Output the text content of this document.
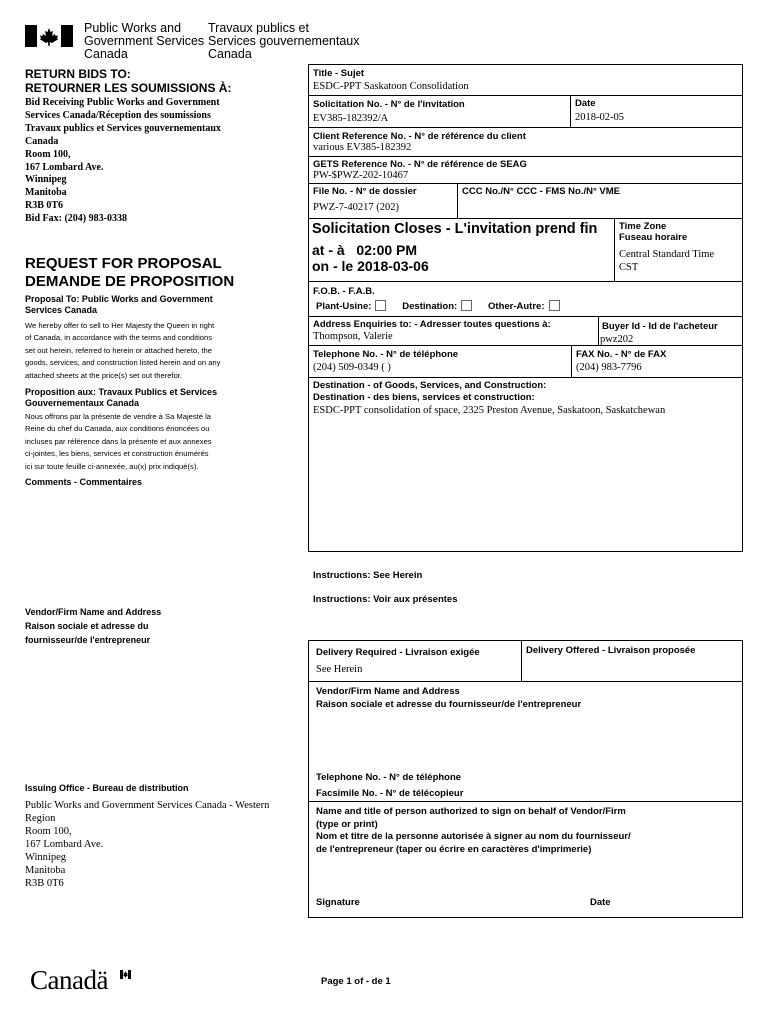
Public Works and
Government Services
Canada
Travaux publics et
Services gouvernementaux
Canada
RETURN BIDS TO:
RETOURNER LES SOUMISSIONS À:
Bid Receiving Public Works and Government
Services Canada/Réception des soumissions
Travaux publics et Services gouvernementaux
Canada
Room 100,
167 Lombard Ave.
Winnipeg
Manitoba
R3B 0T6
Bid Fax: (204) 983-0338
REQUEST FOR PROPOSAL
DEMANDE DE PROPOSITION
Proposal To: Public Works and Government
Services Canada
We hereby offer to sell to Her Majesty the Queen in right
of Canada, in accordance with the terms and conditions
set out herein, referred to herein or attached hereto, the
goods, services, and construction listed herein and on any
attached sheets at the price(s) set out therefor.
Proposition aux: Travaux Publics et Services
Gouvernementaux Canada
Nous offrons par la présente de vendre à Sa Majesté la
Reine du chef du Canada, aux conditions énoncées ou
incluses par référence dans la présente et aux annexes
ci-jointes, les biens, services et construction énumérés
ici sur toute feuille ci-annexée, au(x) prix indiqué(s).
Comments - Commentaires
Vendor/Firm Name and Address
Raison sociale et adresse du
fournisseur/de l'entrepreneur
Issuing Office - Bureau de distribution
Public Works and Government Services Canada - Western
Region
Room 100,
167 Lombard Ave.
Winnipeg
Manitoba
R3B 0T6
Title - Sujet
ESDC-PPT Saskatoon Consolidation
Solicitation No. - N° de l'invitation
EV385-182392/A
Date
2018-02-05
Client Reference No. - N° de référence du client
various EV385-182392
GETS Reference No. - N° de référence de SEAG
PW-$PWZ-202-10467
File No. - N° de dossier
PWZ-7-40217 (202)
CCC No./N° CCC - FMS No./N° VME
Solicitation Closes - L'invitation prend fin
at - à 02:00 PM
on - le 2018-03-06
Time Zone
Fuseau horaire
Central Standard Time
CST
F.O.B. - F.A.B.
Plant-Usine:	Destination:	Other-Autre:
Address Enquiries to: - Adresser toutes questions à:
Thompson, Valerie
Buyer Id - Id de l'acheteur
pwz202
Telephone No. - N° de téléphone
(204) 509-0349 ( )
FAX No. - N° de FAX
(204) 983-7796
Destination - of Goods, Services, and Construction:
Destination - des biens, services et construction:
ESDC-PPT consolidation of space, 2325 Preston Avenue, Saskatoon, Saskatchewan
Instructions: See Herein
Instructions: Voir aux présentes
Delivery Required - Livraison exigée
See Herein
Delivery Offered - Livraison proposée
Vendor/Firm Name and Address
Raison sociale et adresse du fournisseur/de l'entrepreneur
Telephone No. - N° de téléphone
Facsimile No. - N° de télécopieur
Name and title of person authorized to sign on behalf of Vendor/Firm
(type or print)
Nom et titre de la personne autorisée à signer au nom du fournisseur/
de l'entrepreneur (taper ou écrire en caractères d'imprimerie)
Signature	Date
Canadä	Page 1 of - de 1
